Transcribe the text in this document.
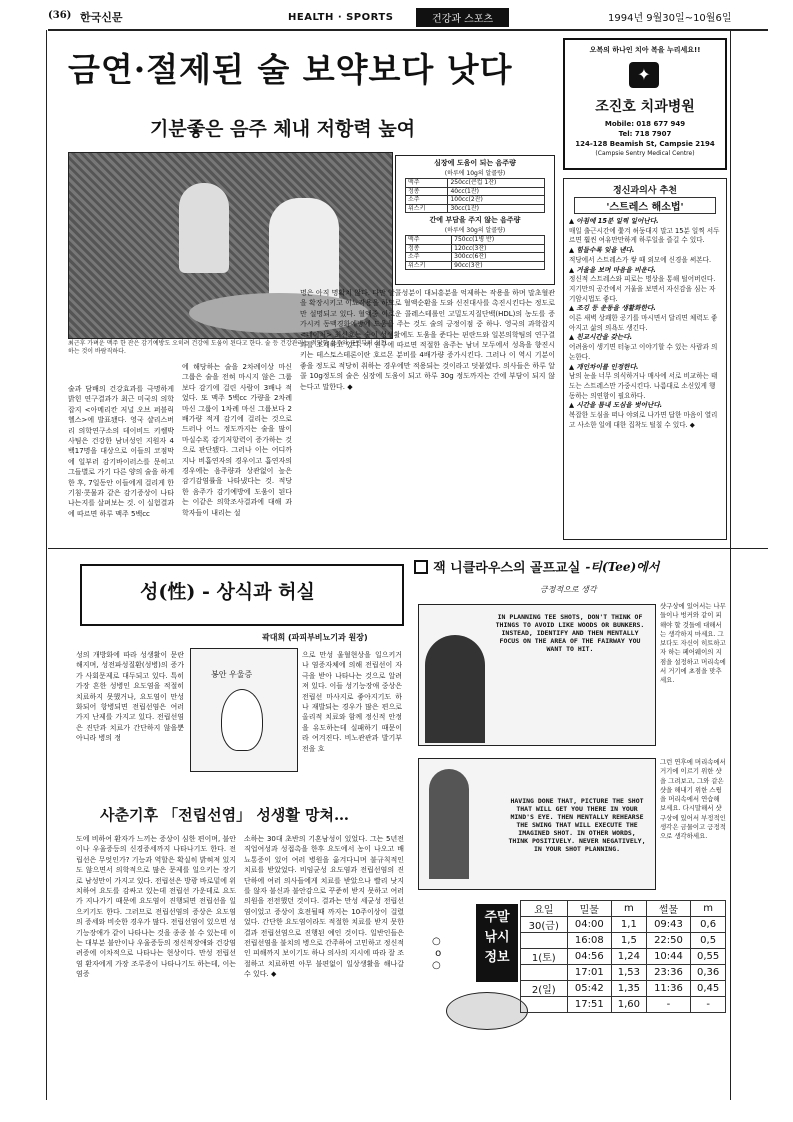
(36) 한국신문	HEALTH · SPORTS	건강과 스포츠	1994년 9월30일~10월6일
금연·절제된 술 보약보다 낫다
기분좋은 음주 체내 저항력 높여
최근후 가벼운 맥주 한 잔은 감기예방도 오히려 건강에 도움이 된다고 한다. 술 등 건강관리는 적당한 음주와 금연부터 실천하는 것이 바람직하다.
술과 담배의 건강효과를 극명하게 밝힌 연구결과가 최근 미국의 의학잡지 <아메리칸 저널 오브 퍼블릭 헬스>에 발표됐다. 영국 샬리스버리 의학연구소의 데이비드 키쎌박사팀은 건강한 남녀성인 지원자 4백17명을 대상으로 이들의 코점막에 일부러 감기바이러스를 문히고 그들별로 가기 다른 양의 술을 하게 한 후, 7일동안 이들에게 걸리게 한 기침·콧물과 같은 감기증상이 나타나는지를 살펴보는 것. 이 실험결과에 따르면 하루 맥주 5백cc
에 해당하는 술을 2차례이상 마신 그룹은 술을 전혀 마시지 않은 그룹보다 감기에 걸린 사람이 3배나 적었다. 또 맥주 5백cc 가량을 2차례 마신 그룹이 1차례 마신 그룹보다 2배가량 적게 감기에 걸리는 것으로 드러나 어느 정도까지는 술을 많이 마실수록 감기저항력이 증가하는 것으로 판단됐다. 그러나 이는 어디까지나 비흡연자의 경우이고 흡연자의 경우에는 음주량과 상관없이 높은 감기감염률을 나타냈다는 것. 적당한 음주가 감기예방에 도움이 된다는 이같은 의학조사결과에 대해 과학자들이 내리는 설
명은 아직 명확치 않다. 다만 알콜성분이 대뇌흥분을 억제하는 작용을 하며 말초혈관을 확장시키고 이뇨작용을 하므로 혈액순환을 도와 신진대사를 촉진시킨다는 정도로만 설명되고 있다. 혈액중 이로운 콜레스테롤인 고밀도지질단백(HDL)의 농도를 증가시켜 동맥경화예방에 도움을 주는 것도 술의 긍정이점 중 하나. 영국의 과학잡지 <네이처> 최신호는 술이 성생활에도 도움을 준다는 핀란드와 일본의학팀의 연구결과를 소개하고 있다. 이 연구에 따르면 적절한 음주는 남녀 모두에서 성욕을 향진시키는 테스토스테론이란 호르몬 분비를 4배가량 증가시킨다. 그러나 이 역시 기분이 좋을 정도로 적당히 취하는 경우에만 적용되는 것이라고 덧붙였다. 의사들은 하루 알콜 10g정도의 술은 심장에 도움이 되고 하루 30g 정도까지는 간에 부담이 되지 않는다고 말한다. ◆
심장에 도움이 되는 음주량
(하루에 10g의 알콜량)
맥주	250cc(큰컵 1잔)
정종	40cc(1잔)
소주	100cc(2잔)
위스키	30cc(1잔)
간에 부담을 주지 않는 음주량
(하루에 30g의 알콜량)
맥주	750cc(1병 반)
정종	120cc(3잔)
소주	300cc(6잔)
위스키	90cc(3잔)
오복의 하나인 치아 복을 누리세요!!
✦
조진호 치과병원
Mobile: 018 677 949
Tel: 718 7907
124-128 Beamish St, Campsie 2194
(Campsie Sentry Medical Centre)
정신과의사 추천
'스트레스 해소법'
▲ 아침에 15분 일찍 일어난다.
매일 출근시간에 쫓겨 허둥대지 말고 15분 일찍 서두르면 훨씬 여유만만하게 하루일을 즐길 수 있다.
▲ 힘들수록 잊을 낸다.
적당에서 스트레스가 쌓 때 외모에 신경을 써본다.
▲ 거울을 보며 마음을 비운다.
정신적 스트레스와 피로는 명상을 통해 털어버린다. 지기만의 공간에서 거울을 보면서 자신감을 심는 자기암시법도 좋다.
▲ 조깅 등 운동을 생활화한다.
이른 새벽 상쾌한 공기를 마시면서 달리면 체력도 좋아지고 삶의 의욕도 생긴다.
▲ 친교시간을 갖는다.
어려움이 생기면 터놓고 이야기할 수 있는 사람과 의논한다.
▲ 개인차이를 인정한다.
남의 눈을 너무 의식하거나 매사에 서로 비교하는 태도는 스트레스만 가중시킨다. 나름대로 소신있게 행동하는 의연함이 필요하다.
▲ 시간을 틈내 도심을 벗어난다.
복잡한 도심을 떠나 야외로 나가면 답한 마음이 열리고 사소한 일에 대한 집착도 털칠 수 있다. ◆
성(性) - 상식과 허실
곽대희 (파피부비뇨기과 원장)
성의 개방화에 따라 성생활이 문란해지며, 성전파성질환(성병)의 증가가 사회문제로 대두되고 있다. 특히 가장 흔한 성병인 요도염을 적절히 치료하지 못했거나, 요도염이 만성화되어 항병되면 전립선염은 여러가지 난제를 가지고 있다. 전립선염은 진단과 치료가 간단하지 않을뿐 아니라 병의 정
봉안 우울증
으로 만성 울혈현상을 일으키거나 염증자체에 의해 전립선이 자극을 받아 나타나는 것으로 알려져 있다. 이들 성기능장애 중상은 전립선 마사지로 좋아지기도 하나 재발되는 경우가 많은 편으로 올리적 치료와 함께 정신적 안정을 유도하는데 실패하기 때문이라 여겨진다. 비노관관과 발기부전을 호
사춘기후 「전립선염」 성생활 망쳐…
도에 비하여 환자가 느끼는 증상이 심한 편이며, 불안이나 우울증등의 신경증세까지 나타나기도 한다. 전립선은 무엇인가? 기능과 역할은 확실히 밝혀져 있지도 않으면서 의학적으로 많은 문제를 일으키는 장기로 남성만이 가지고 있다. 전립선은 방광 바로밑에 위치하여 요도를 감싸고 있는데 전립선 가운데로 요도가 지나가기 때문에 요도염이 진행되면 전립선을 일으키기도 한다. 그러므로 전립선염의 증상은 요도염의 증세와 비슷한 경우가 많다. 전립선염이 있으면 성기능장애가 같이 나타나는 것을 종종 볼 수 있는데 이는 대부분 불안이나 우울증등의 정신적장애와 건강염려증에 이차적으로 나타나는 현상이다. 만성 전립선염 환자에게 가장 조루증이 나타나기도 하는데, 이는 염증
소하는 30대 초반의 기혼남성이 있었다. 그는 5년전 직업여성과 성접촉을 한후 요도에서 농이 나오고 배뇨통증이 있어 여러 병원을 옮겨다니며 불규칙적인 치료를 받았었다. 비임균성 요도염과 전립선염의 진단하에 여러 의사들에게 치료를 받았으나 빨리 낫지를 않자 불신과 불안감으로 꾸준히 받지 못하고 여러 의원을 전전했던 것이다. 결과는 만성 세균성 전립선염이었고 증상이 호전될때 까지는 10주이상이 걸렸었다. 간단한 요도염이라도 적절한 치료를 받지 못한 결과 전립선염으로 진행된 예인 것이다. 일반인들은 전립선염을 불치의 병으로 간주하여 고민하고 정신적인 피해까지 보이기도 하나 의사의 지시에 따라 잘 조절하고 치료하면 아무 불편없이 일상생활을 해나갈 수 있다. ◆
잭 니클라우스의 골프교실 -티(Tee)에서
긍정적으로 생각
IN PLANNING TEE SHOTS, DON'T THINK OF THINGS TO AVOID LIKE WOODS OR BUNKERS. INSTEAD, IDENTIFY AND THEN MENTALLY FOCUS ON THE AREA OF THE FAIRWAY YOU WANT TO HIT.
샷구상에 있어서는 나무들이나 벙커와 같이 피해야 할 것들에 대해서는 생각하지 마세요. 그보다도 자신이 히트하고자 하는 페어웨이의 지점을 설정하고 머리속에서 거기에 초점을 맞추세요.
HAVING DONE THAT, PICTURE THE SHOT THAT WILL GET YOU THERE IN YOUR MIND'S EYE. THEN MENTALLY REHEARSE THE SWING THAT WILL EXECUTE THE IMAGINED SHOT. IN OTHER WORDS, THINK POSITIVELY. NEVER NEGATIVELY, IN YOUR SHOT PLANNING.
그런 연후에 머리속에서 거기에 이르기 위한 샷을 그려보고, 그와 같은 샷을 해내기 위한 스윙을 머리속에서 연습해 보세요. 다시말해서 샷구상에 있어서 부정적인 생각은 금물이고 긍정적으로 생각하세요.
주말 낚시 정보
○
o
○
요일	밀물	m	썰물	m
30(금)	04:00	1,1	09:43	0,6
	16:08	1,5	22:50	0,5
1(토)	04:56	1,24	10:44	0,55
	17:01	1,53	23:36	0,36
2(일)	05:42	1,35	11:36	0,45
	17:51	1,60	-	-
